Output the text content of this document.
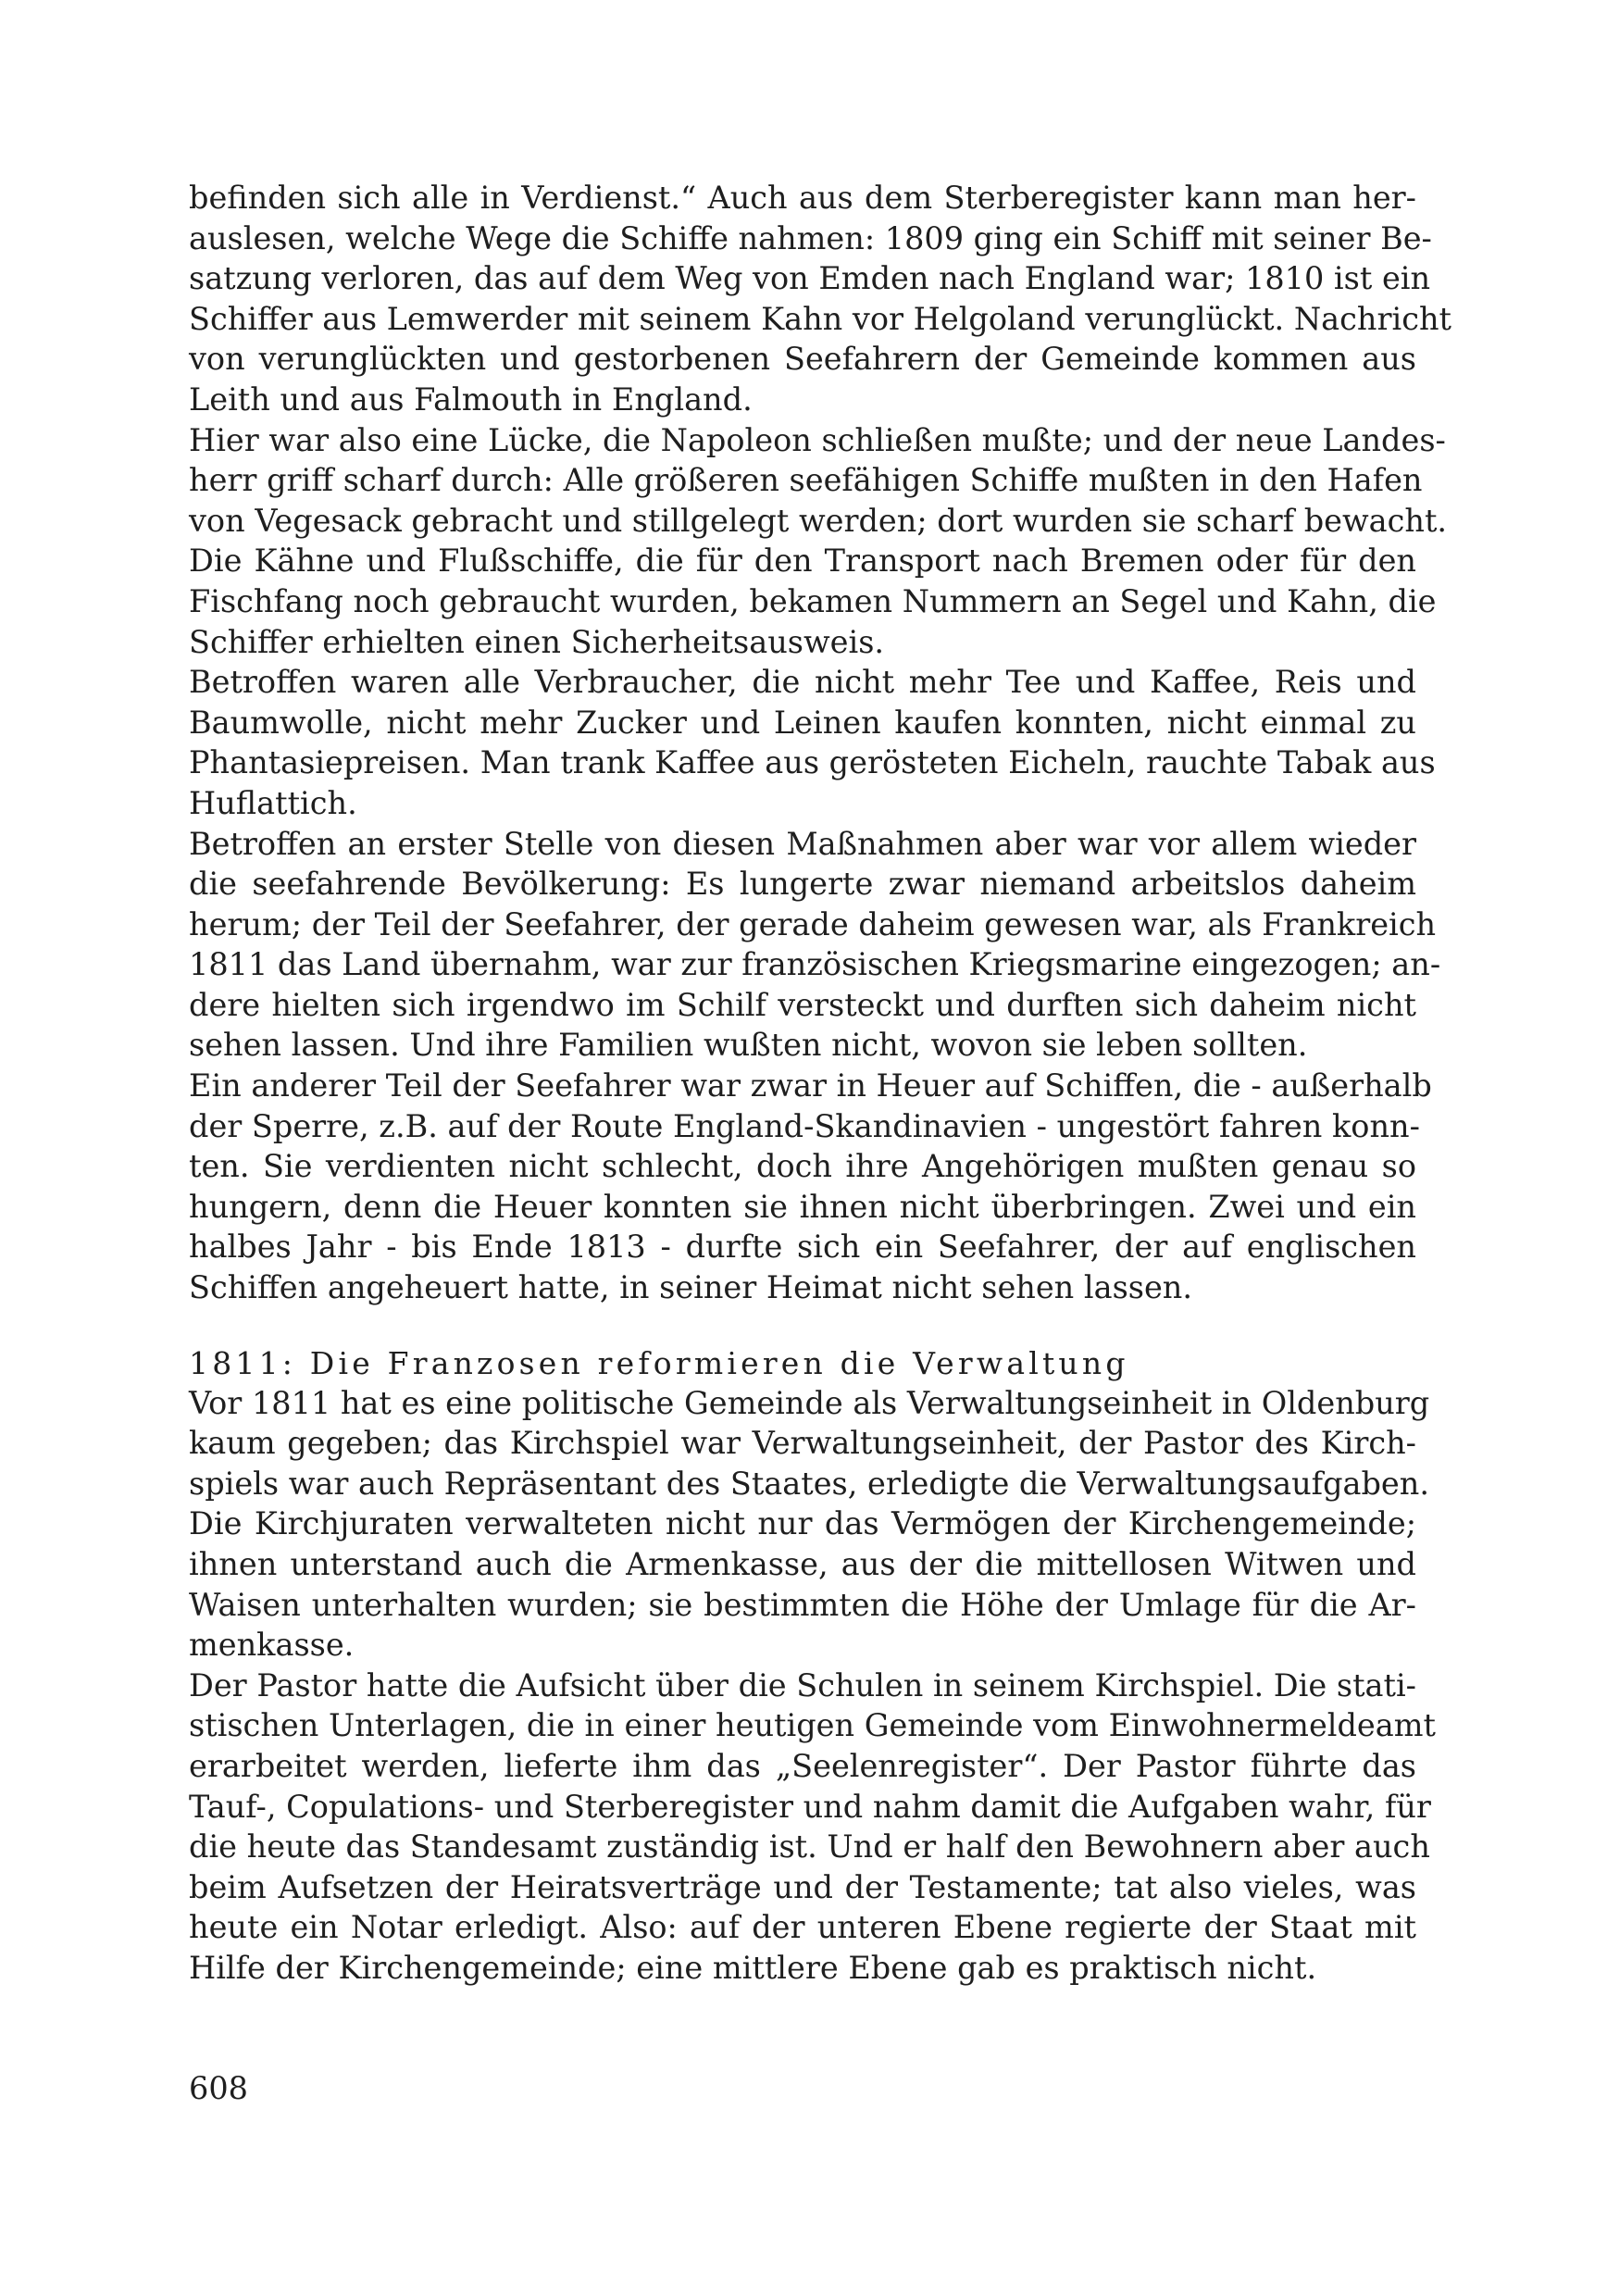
befinden sich alle in Verdienst.“ Auch aus dem Sterberegister kann man her-
auslesen, welche Wege die Schiffe nahmen: 1809 ging ein Schiff mit seiner Be-
satzung verloren, das auf dem Weg von Emden nach England war; 1810 ist ein
Schiffer aus Lemwerder mit seinem Kahn vor Helgoland verunglückt. Nachricht
von verunglückten und gestorbenen Seefahrern der Gemeinde kommen aus
Leith und aus Falmouth in England.

Hier war also eine Lücke, die Napoleon schließen mußte; und der neue Landes-
herr griff scharf durch: Alle größeren seefähigen Schiffe mußten in den Hafen
von Vegesack gebracht und stillgelegt werden; dort wurden sie scharf bewacht.
Die Kähne und Flußschiffe, die für den Transport nach Bremen oder für den
Fischfang noch gebraucht wurden, bekamen Nummern an Segel und Kahn, die
Schiffer erhielten einen Sicherheitsausweis.

Betroffen waren alle Verbraucher, die nicht mehr Tee und Kaffee, Reis und
Baumwolle, nicht mehr Zucker und Leinen kaufen konnten, nicht einmal zu
Phantasiepreisen. Man trank Kaffee aus gerösteten Eicheln, rauchte Tabak aus
Huflattich.

Betroffen an erster Stelle von diesen Maßnahmen aber war vor allem wieder
die seefahrende Bevölkerung: Es lungerte zwar niemand arbeitslos daheim
herum; der Teil der Seefahrer, der gerade daheim gewesen war, als Frankreich
1811 das Land übernahm, war zur französischen Kriegsmarine eingezogen; an-
dere hielten sich irgendwo im Schilf versteckt und durften sich daheim nicht
sehen lassen. Und ihre Familien wußten nicht, wovon sie leben sollten.

Ein anderer Teil der Seefahrer war zwar in Heuer auf Schiffen, die - außerhalb
der Sperre, z.B. auf der Route England-Skandinavien - ungestört fahren konn-
ten. Sie verdienten nicht schlecht, doch ihre Angehörigen mußten genau so
hungern, denn die Heuer konnten sie ihnen nicht überbringen. Zwei und ein
halbes Jahr - bis Ende 1813 - durfte sich ein Seefahrer, der auf englischen
Schiffen angeheuert hatte, in seiner Heimat nicht sehen lassen.

1811: Die Franzosen reformieren die Verwaltung

Vor 1811 hat es eine politische Gemeinde als Verwaltungseinheit in Oldenburg
kaum gegeben; das Kirchspiel war Verwaltungseinheit, der Pastor des Kirch-
spiels war auch Repräsentant des Staates, erledigte die Verwaltungsaufgaben.
Die Kirchjuraten verwalteten nicht nur das Vermögen der Kirchengemeinde;
ihnen unterstand auch die Armenkasse, aus der die mittellosen Witwen und
Waisen unterhalten wurden; sie bestimmten die Höhe der Umlage für die Ar-
menkasse.

Der Pastor hatte die Aufsicht über die Schulen in seinem Kirchspiel. Die stati-
stischen Unterlagen, die in einer heutigen Gemeinde vom Einwohnermeldeamt
erarbeitet werden, lieferte ihm das „Seelenregister“. Der Pastor führte das
Tauf-, Copulations- und Sterberegister und nahm damit die Aufgaben wahr, für
die heute das Standesamt zuständig ist. Und er half den Bewohnern aber auch
beim Aufsetzen der Heiratsverträge und der Testamente; tat also vieles, was
heute ein Notar erledigt. Also: auf der unteren Ebene regierte der Staat mit
Hilfe der Kirchengemeinde; eine mittlere Ebene gab es praktisch nicht.

608
